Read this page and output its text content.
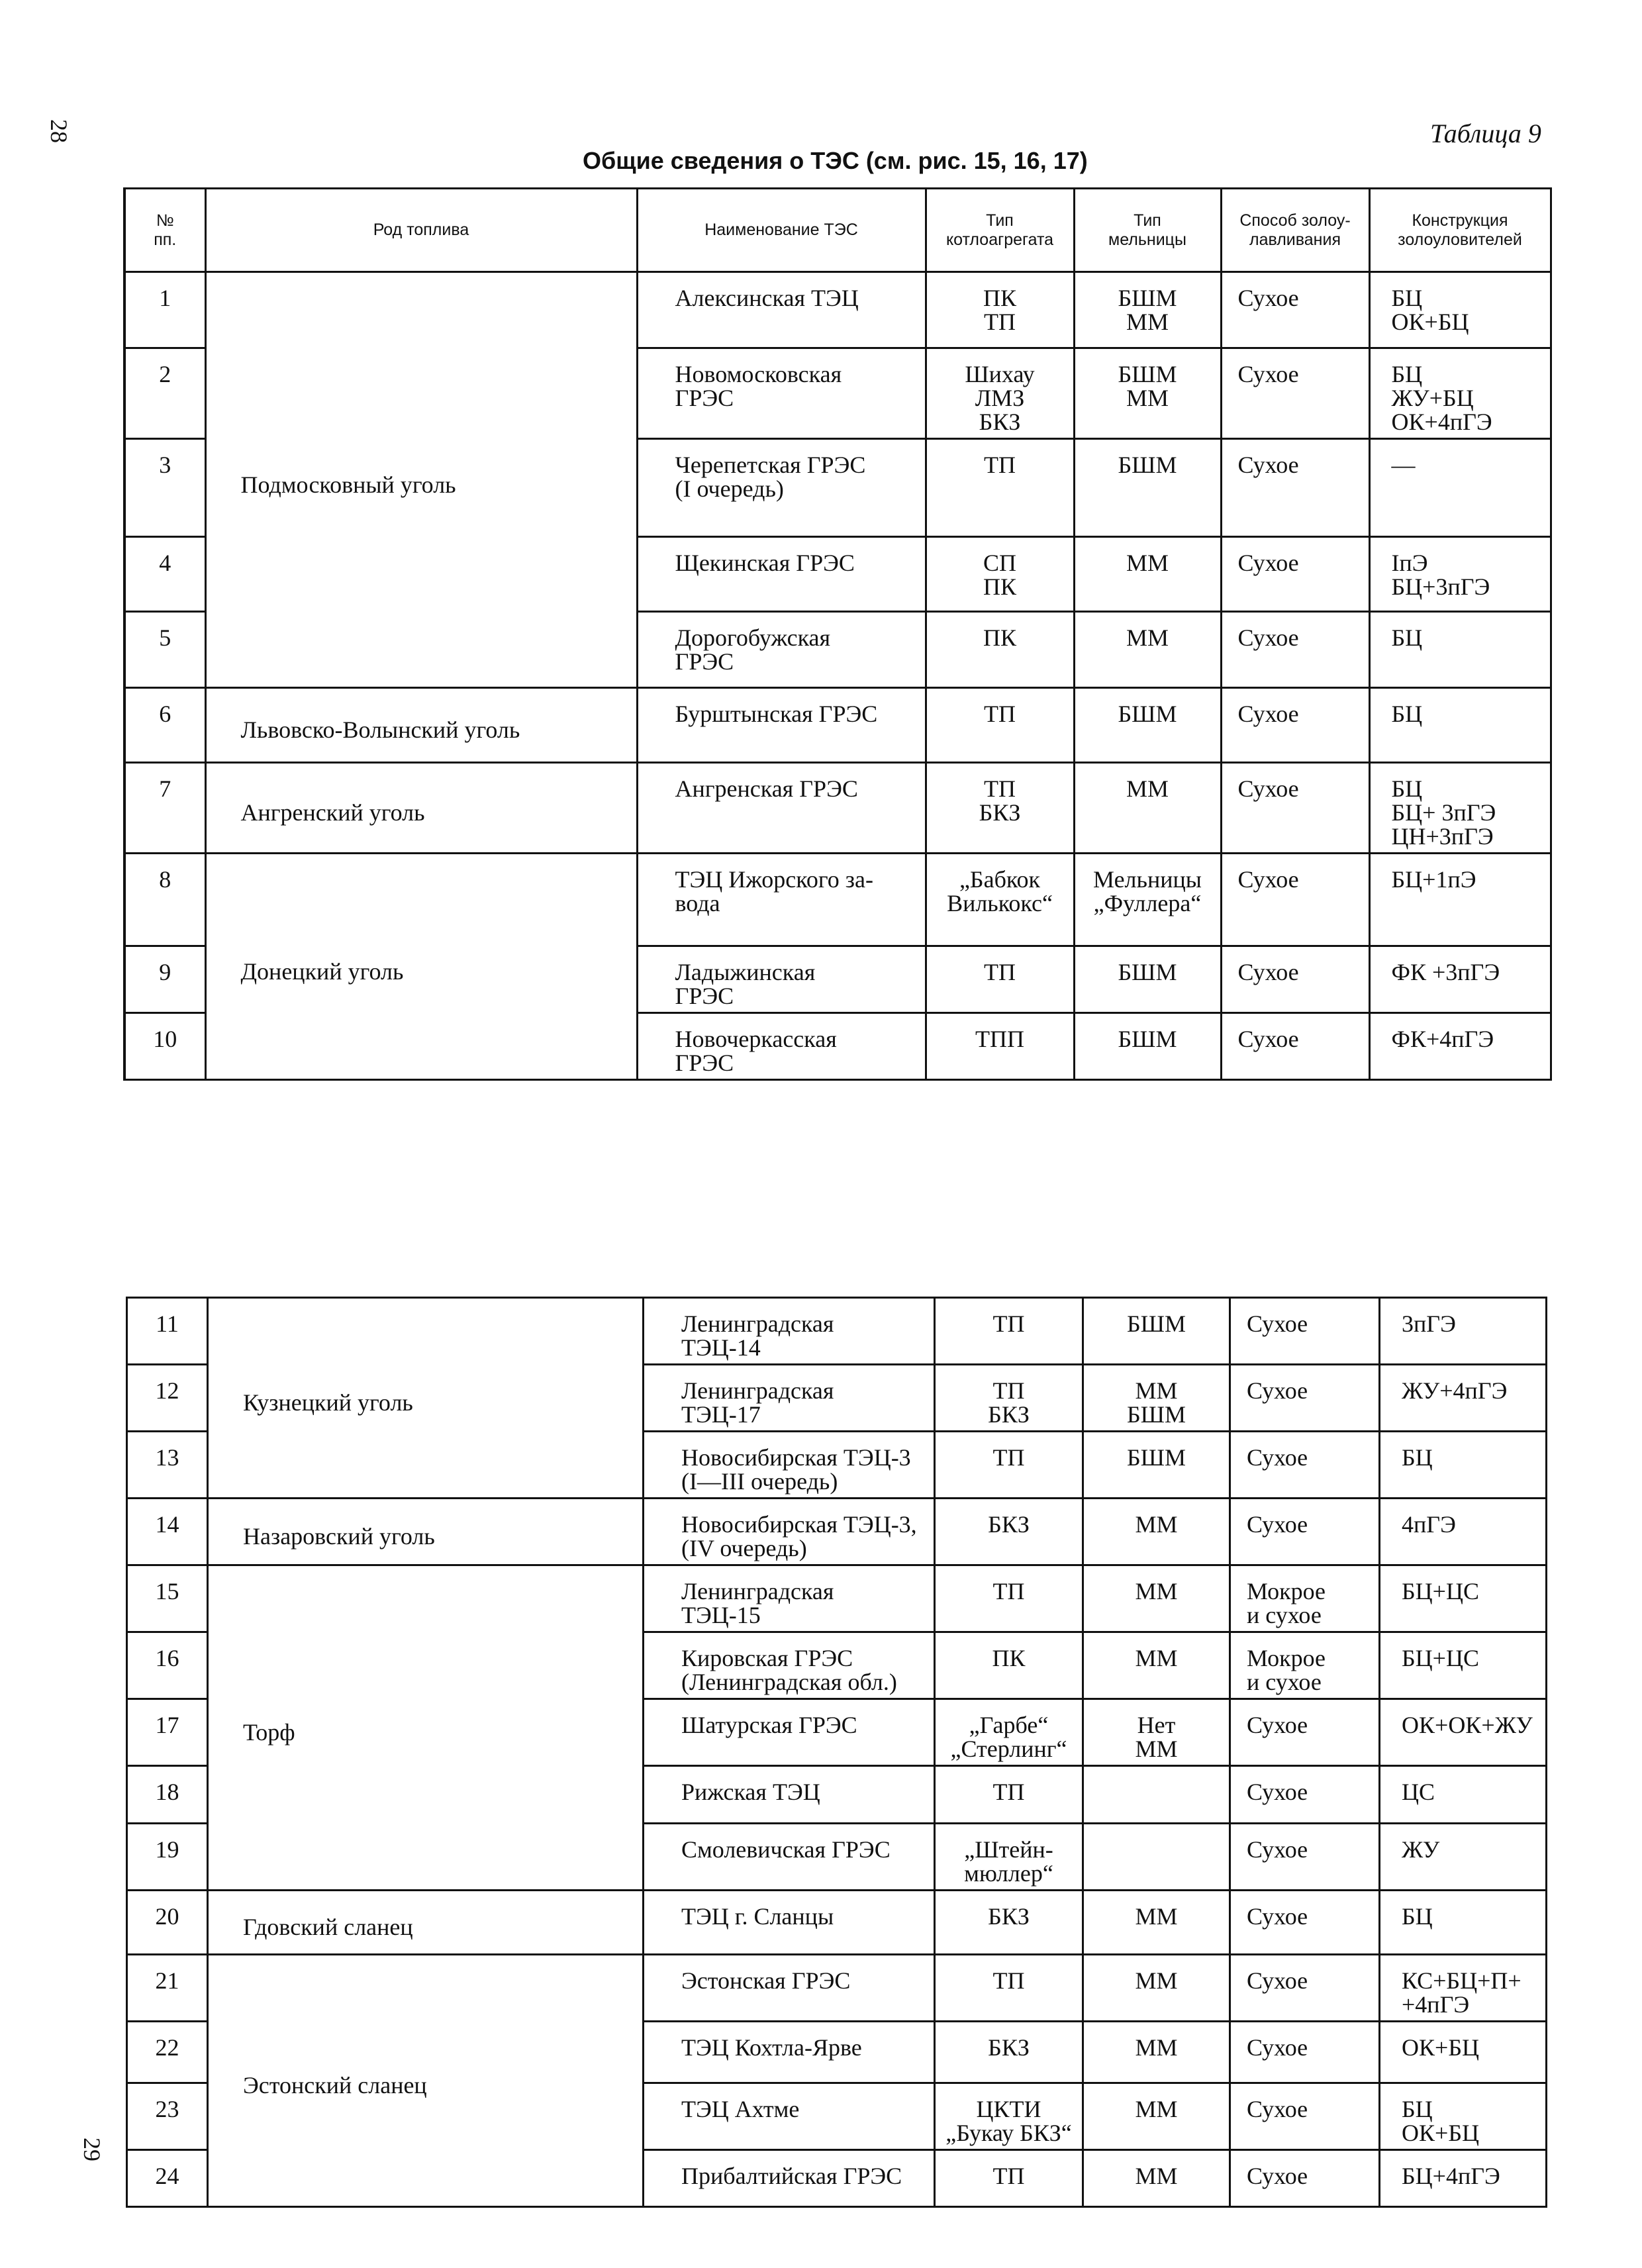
28	Таблица 9
Общие сведения о ТЭС (см. рис. 15, 16, 17)
№
пп.	Род топлива	Наименование ТЭС	Тип
котлоагрегата	Тип
мельницы	Способ золоу-
лавливания	Конструкция
золоуловителей

1	Подмосковный уголь	Алексинская ТЭЦ	ПК
ТП	БШМ
ММ	Сухое	БЦ
ОК+БЦ

2		Новомосковская
ГРЭС	Шихау
ЛМЗ
БКЗ	БШМ
ММ	Сухое	БЦ
ЖУ+БЦ
ОК+4пГЭ

3		Черепетская ГРЭС
(I очередь)	ТП	БШМ	Сухое	—

4		Щекинская ГРЭС	СП
ПК	ММ	Сухое	IпЭ
БЦ+3пГЭ

5		Дорогобужская
ГРЭС	ПК	ММ	Сухое	БЦ

6	Львовско-Волынский уголь	Бурштынская ГРЭС	ТП	БШМ	Сухое	БЦ

7	Ангренский уголь	Ангренская ГРЭС	ТП
БКЗ	ММ	Сухое	БЦ
БЦ+ 3пГЭ
ЦН+3пГЭ

8	Донецкий уголь	ТЭЦ Ижорского за-
вода	„Бабкок
Вилькокс“	Мельницы
„Фуллера“	Сухое	БЦ+1пЭ

9		Ладыжинская
ГРЭС	ТП	БШМ	Сухое	ФК +3пГЭ

10		Новочеркасская
ГРЭС	ТПП	БШМ	Сухое	ФК+4пГЭ
11	Кузнецкий уголь	Ленинградская
ТЭЦ-14	ТП	БШМ	Сухое	3пГЭ

12		Ленинградская
ТЭЦ-17	ТП
БКЗ	ММ
БШМ	Сухое	ЖУ+4пГЭ

13		Новосибирская ТЭЦ-3
(I—III очередь)	ТП	БШМ	Сухое	БЦ

14	Назаровский уголь	Новосибирская ТЭЦ-3,
(IV очередь)	БКЗ	ММ	Сухое	4пГЭ

15	Торф	Ленинградская
ТЭЦ-15	ТП	ММ	Мокрое
и сухое	БЦ+ЦС

16		Кировская ГРЭС
(Ленинградская обл.)	ПК	ММ	Мокрое
и сухое	БЦ+ЦС

17		Шатурская ГРЭС	„Гарбе“
„Стерлинг“	Нет
ММ	Сухое	ОК+ОК+ЖУ

18		Рижская ТЭЦ	ТП		Сухое	ЦС

19		Смолевичская ГРЭС	„Штейн-
мюллер“		Сухое	ЖУ

20	Гдовский сланец	ТЭЦ г. Сланцы	БКЗ	ММ	Сухое	БЦ

21	Эстонский сланец	Эстонская ГРЭС	ТП	ММ	Сухое	КС+БЦ+П+
+4пГЭ

22		ТЭЦ Кохтла-Ярве	БКЗ	ММ	Сухое	ОК+БЦ

23		ТЭЦ Ахтме	ЦКТИ
„Букау БКЗ“	ММ	Сухое	БЦ
ОК+БЦ

24		Прибалтийская ГРЭС	ТП	ММ	Сухое	БЦ+4пГЭ
29
